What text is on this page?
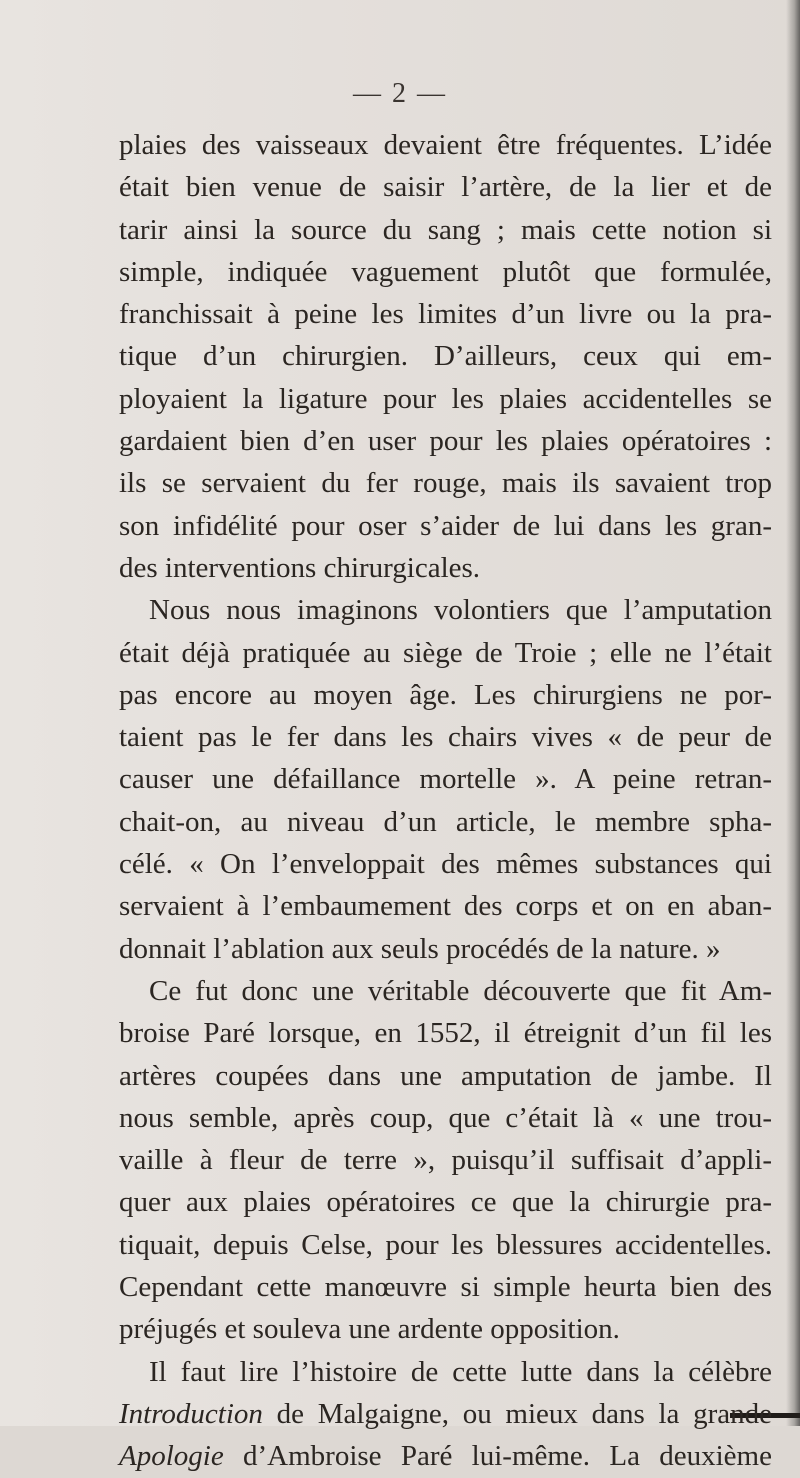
— 2 —
plaies des vaisseaux devaient être fréquentes. L’idée
était bien venue de saisir l’artère, de la lier et de
tarir ainsi la source du sang ; mais cette notion si
simple, indiquée vaguement plutôt que formulée,
franchissait à peine les limites d’un livre ou la pra-
tique d’un chirurgien. D’ailleurs, ceux qui em-
ployaient la ligature pour les plaies accidentelles se
gardaient bien d’en user pour les plaies opératoires :
ils se servaient du fer rouge, mais ils savaient trop
son infidélité pour oser s’aider de lui dans les gran-
des interventions chirurgicales.
Nous nous imaginons volontiers que l’amputation
était déjà pratiquée au siège de Troie ; elle ne l’était
pas encore au moyen âge. Les chirurgiens ne por-
taient pas le fer dans les chairs vives « de peur de
causer une défaillance mortelle ». A peine retran-
chait-on, au niveau d’un article, le membre spha-
célé. « On l’enveloppait des mêmes substances qui
servaient à l’embaumement des corps et on en aban-
donnait l’ablation aux seuls procédés de la nature. »
Ce fut donc une véritable découverte que fit Am-
broise Paré lorsque, en 1552, il étreignit d’un fil les
artères coupées dans une amputation de jambe. Il
nous semble, après coup, que c’était là « une trou-
vaille à fleur de terre », puisqu’il suffisait d’appli-
quer aux plaies opératoires ce que la chirurgie pra-
tiquait, depuis Celse, pour les blessures accidentelles.
Cependant cette manœuvre si simple heurta bien des
préjugés et souleva une ardente opposition.
Il faut lire l’histoire de cette lutte dans la célèbre
Introduction de Malgaigne, ou mieux dans la grande
Apologie d’Ambroise Paré lui-même. La deuxième
